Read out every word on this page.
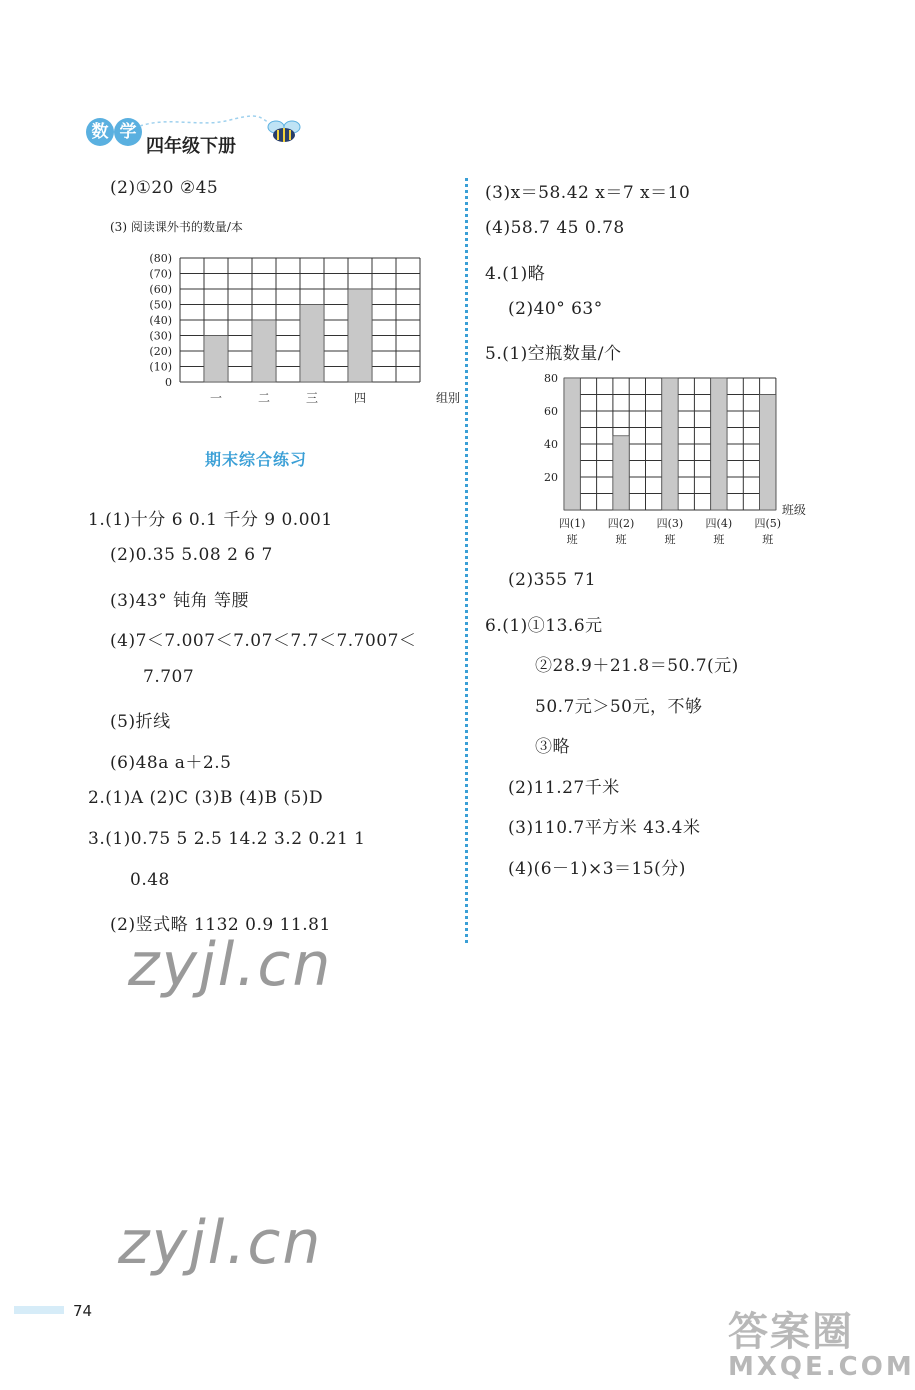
数 学
四年级下册
(2)①20 ②45
(3) 阅读课外书的数量/本
一	二	三	四
0
(10)
(20)
(30)
(40)
(50)
(60)
(70)
(80)
组别
期末综合练习
1.(1)十分 6 0.1 千分 9 0.001
(2)0.35 5.08 2 6 7
(3)43° 钝角 等腰
(4)7＜7.007＜7.07＜7.7＜7.7007＜
7.707
(5)折线
(6)48a a＋2.5
2.(1)A (2)C (3)B (4)B (5)D
3.(1)0.75 5 2.5 14.2 3.2 0.21 1
0.48
(2)竖式略 1132 0.9 11.81
(3)x＝58.42 x＝7 x＝10
(4)58.7 45 0.78
4.(1)略
(2)40° 63°
5.(1)空瓶数量/个
四(1)
班
四(2)
班
四(3)
班
四(4)
班
四(5)
班
20
40
60
80
班级
(2)355 71
6.(1)①13.6元
②28.9＋21.8＝50.7(元)
50.7元＞50元，不够
③略
(2)11.27千米
(3)110.7平方米 43.4米
(4)(6－1)×3＝15(分)
zyjl.cn
zyjl.cn
答案圈
MXQE.COM
74
